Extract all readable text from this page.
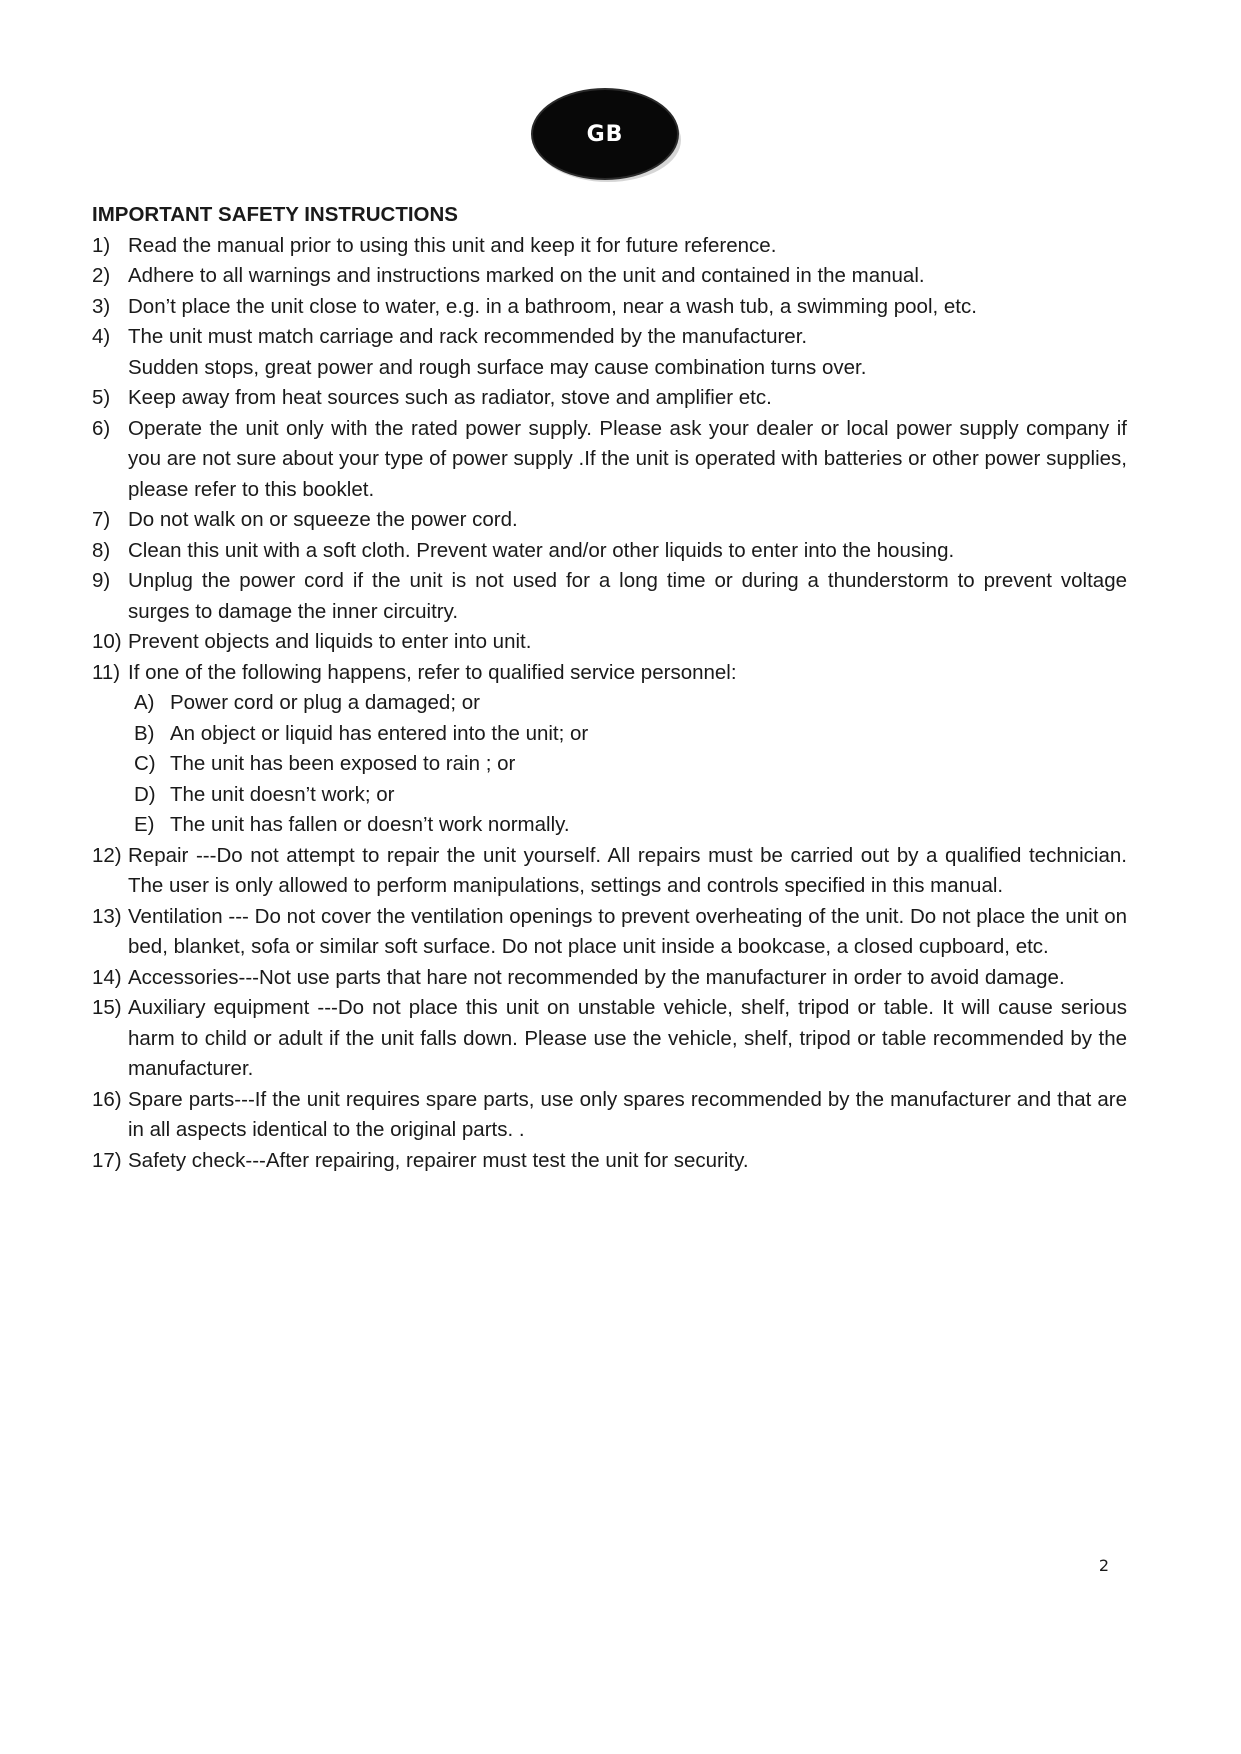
GB

IMPORTANT SAFETY INSTRUCTIONS

1) Read the manual prior to using this unit and keep it for future reference.

2) Adhere to all warnings and instructions marked on the unit and contained in the manual.

3) Don’t place the unit close to water, e.g. in a bathroom, near a wash tub, a swimming pool, etc.

4) The unit must match carriage and rack recommended by the manufacturer.

Sudden stops, great power and rough surface may cause combination turns over.
5) Keep away from heat sources such as radiator, stove and amplifier etc.

6) Operate the unit only with the rated power supply. Please ask your dealer or local power supply company if you are not sure about your type of power supply .If the unit is operated with batteries or other power supplies, please refer to this booklet.

7) Do not walk on or squeeze the power cord.

8) Clean this unit with a soft cloth. Prevent water and/or other liquids to enter into the housing.

9) Unplug the power cord if the unit is not used for a long time or during a thunderstorm to prevent voltage surges to damage the inner circuitry.

10) Prevent objects and liquids to enter into unit.

11) If one of the following happens, refer to qualified service personnel:

A) Power cord or plug a damaged; or
B) An object or liquid has entered into the unit; or
C) The unit has been exposed to rain ; or
D) The unit doesn’t work; or
E) The unit has fallen or doesn’t work normally.
12) Repair ---Do not attempt to repair the unit yourself. All repairs must be carried out by a qualified technician. The user is only allowed to perform manipulations, settings and controls specified in this manual.

13) Ventilation --- Do not cover the ventilation openings to prevent overheating of the unit. Do not place the unit on bed, blanket, sofa or similar soft surface. Do not place unit inside a bookcase, a closed cupboard, etc.

14) Accessories---Not use parts that hare not recommended by the manufacturer in order to avoid damage.

15) Auxiliary equipment ---Do not place this unit on unstable vehicle, shelf, tripod or table. It will cause serious harm to child or adult if the unit falls down. Please use the vehicle, shelf, tripod or table recommended by the manufacturer.

16) Spare parts---If the unit requires spare parts, use only spares recommended by the manufacturer and that are in all aspects identical to the original parts. .

17) Safety check---After repairing, repairer must test the unit for security.

2
